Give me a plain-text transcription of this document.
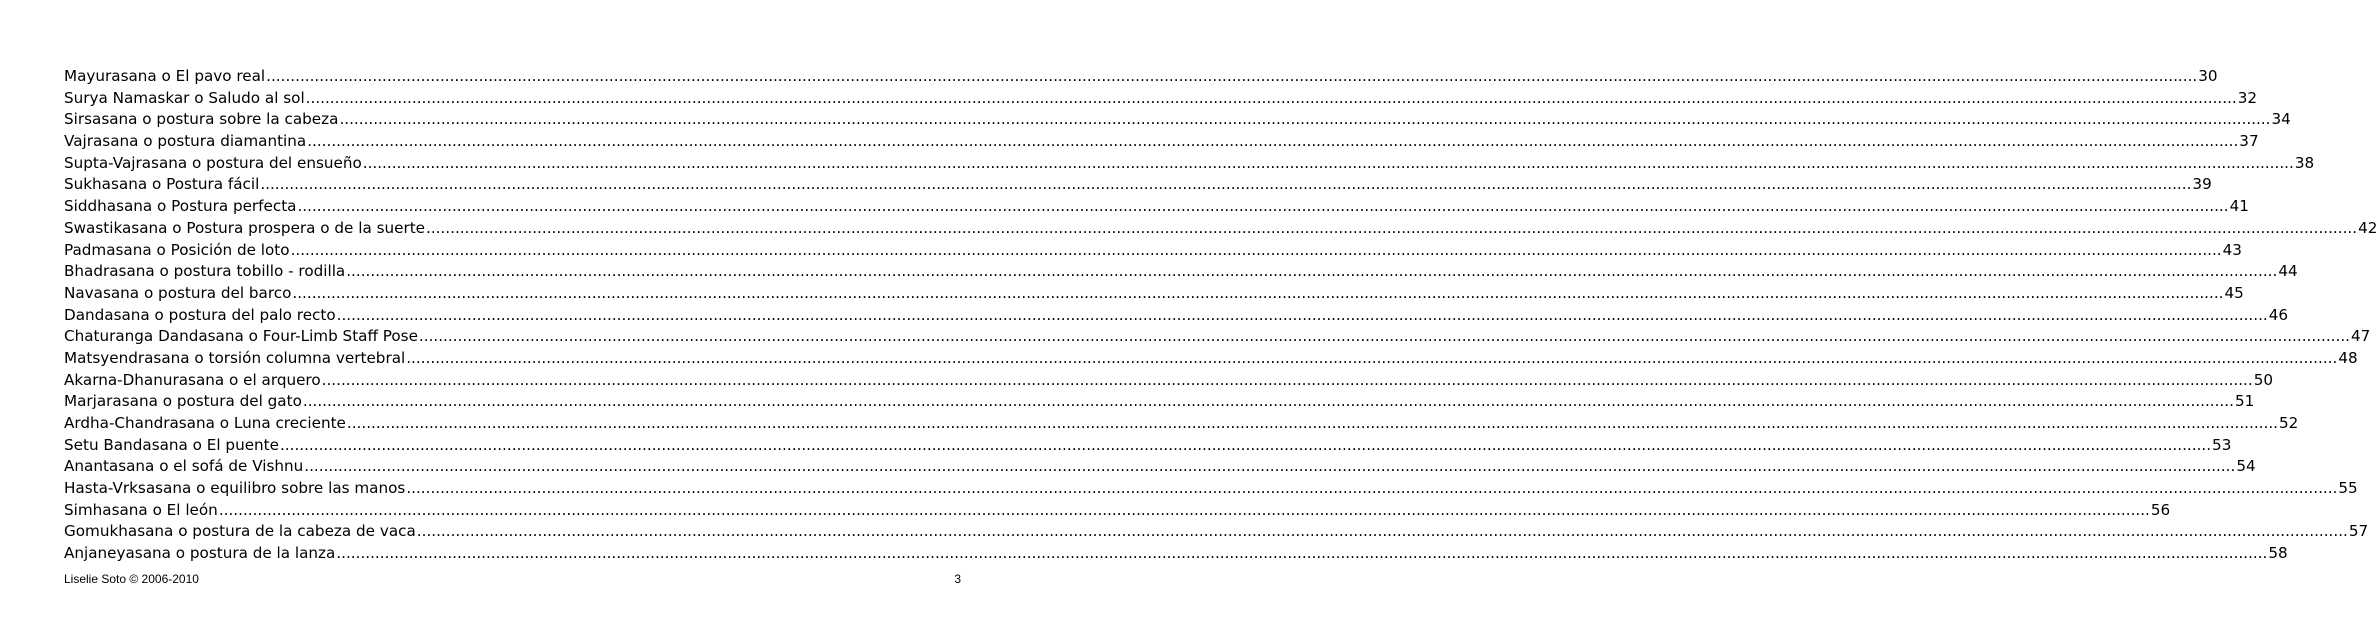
Mayurasana o El pavo real ................................................................................................................................................................................................................................................................................................................................................................................................................ 30
Surya Namaskar o Saludo al sol ................................................................................................................................................................................................................................................................................................................................................................................................................ 32
Sirsasana o postura sobre la cabeza ................................................................................................................................................................................................................................................................................................................................................................................................................ 34
Vajrasana o postura diamantina ................................................................................................................................................................................................................................................................................................................................................................................................................ 37
Supta-Vajrasana o postura del ensueño ................................................................................................................................................................................................................................................................................................................................................................................................................ 38
Sukhasana o Postura fácil ................................................................................................................................................................................................................................................................................................................................................................................................................ 39
Siddhasana o Postura perfecta ................................................................................................................................................................................................................................................................................................................................................................................................................ 41
Swastikasana o Postura prospera o de la suerte ................................................................................................................................................................................................................................................................................................................................................................................................................ 42
Padmasana o Posición de loto ................................................................................................................................................................................................................................................................................................................................................................................................................ 43
Bhadrasana o postura tobillo - rodilla ................................................................................................................................................................................................................................................................................................................................................................................................................ 44
Navasana o postura del barco ................................................................................................................................................................................................................................................................................................................................................................................................................ 45
Dandasana o postura del palo recto ................................................................................................................................................................................................................................................................................................................................................................................................................ 46
Chaturanga Dandasana o Four-Limb Staff Pose ................................................................................................................................................................................................................................................................................................................................................................................................................ 47
Matsyendrasana o torsión columna vertebral ................................................................................................................................................................................................................................................................................................................................................................................................................ 48
Akarna-Dhanurasana o el arquero ................................................................................................................................................................................................................................................................................................................................................................................................................ 50
Marjarasana o postura del gato ................................................................................................................................................................................................................................................................................................................................................................................................................ 51
Ardha-Chandrasana o Luna creciente ................................................................................................................................................................................................................................................................................................................................................................................................................ 52
Setu Bandasana o El puente ................................................................................................................................................................................................................................................................................................................................................................................................................ 53
Anantasana o el sofá de Vishnu ................................................................................................................................................................................................................................................................................................................................................................................................................ 54
Hasta-Vrksasana o equilibro sobre las manos ................................................................................................................................................................................................................................................................................................................................................................................................................ 55
Simhasana o El león ................................................................................................................................................................................................................................................................................................................................................................................................................ 56
Gomukhasana o postura de la cabeza de vaca ................................................................................................................................................................................................................................................................................................................................................................................................................ 57
Anjaneyasana o postura de la lanza ................................................................................................................................................................................................................................................................................................................................................................................................................ 58
Liselie Soto © 2006-2010	3
